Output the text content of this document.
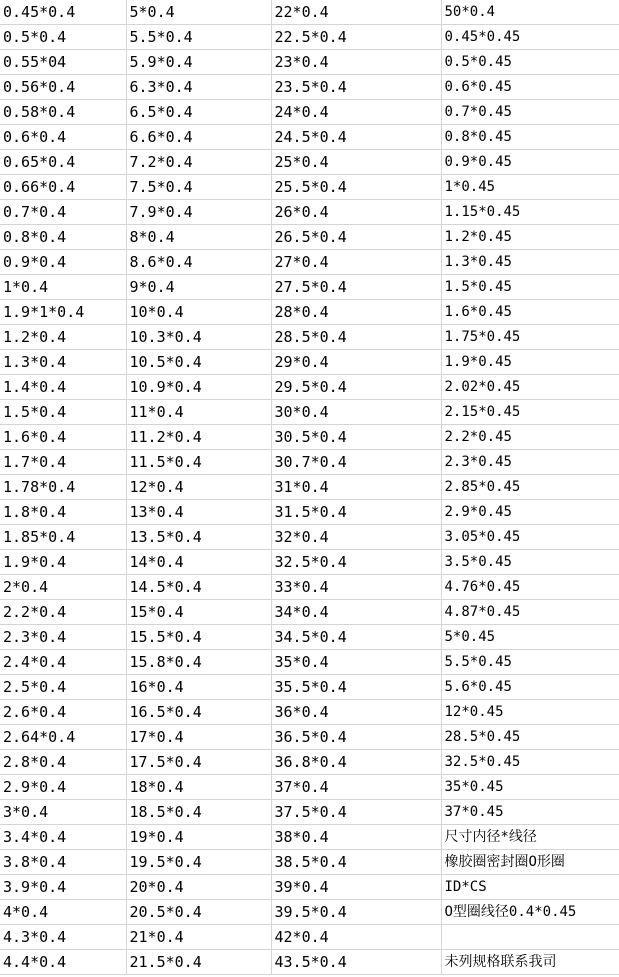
0.45*0.4	5*0.4	22*0.4	50*0.4
0.5*0.4	5.5*0.4	22.5*0.4	0.45*0.45
0.55*04	5.9*0.4	23*0.4	0.5*0.45
0.56*0.4	6.3*0.4	23.5*0.4	0.6*0.45
0.58*0.4	6.5*0.4	24*0.4	0.7*0.45
0.6*0.4	6.6*0.4	24.5*0.4	0.8*0.45
0.65*0.4	7.2*0.4	25*0.4	0.9*0.45
0.66*0.4	7.5*0.4	25.5*0.4	1*0.45
0.7*0.4	7.9*0.4	26*0.4	1.15*0.45
0.8*0.4	8*0.4	26.5*0.4	1.2*0.45
0.9*0.4	8.6*0.4	27*0.4	1.3*0.45
1*0.4	9*0.4	27.5*0.4	1.5*0.45
1.9*1*0.4	10*0.4	28*0.4	1.6*0.45
1.2*0.4	10.3*0.4	28.5*0.4	1.75*0.45
1.3*0.4	10.5*0.4	29*0.4	1.9*0.45
1.4*0.4	10.9*0.4	29.5*0.4	2.02*0.45
1.5*0.4	11*0.4	30*0.4	2.15*0.45
1.6*0.4	11.2*0.4	30.5*0.4	2.2*0.45
1.7*0.4	11.5*0.4	30.7*0.4	2.3*0.45
1.78*0.4	12*0.4	31*0.4	2.85*0.45
1.8*0.4	13*0.4	31.5*0.4	2.9*0.45
1.85*0.4	13.5*0.4	32*0.4	3.05*0.45
1.9*0.4	14*0.4	32.5*0.4	3.5*0.45
2*0.4	14.5*0.4	33*0.4	4.76*0.45
2.2*0.4	15*0.4	34*0.4	4.87*0.45
2.3*0.4	15.5*0.4	34.5*0.4	5*0.45
2.4*0.4	15.8*0.4	35*0.4	5.5*0.45
2.5*0.4	16*0.4	35.5*0.4	5.6*0.45
2.6*0.4	16.5*0.4	36*0.4	12*0.45
2.64*0.4	17*0.4	36.5*0.4	28.5*0.45
2.8*0.4	17.5*0.4	36.8*0.4	32.5*0.45
2.9*0.4	18*0.4	37*0.4	35*0.45
3*0.4	18.5*0.4	37.5*0.4	37*0.45
3.4*0.4	19*0.4	38*0.4	尺寸内径*线径
3.8*0.4	19.5*0.4	38.5*0.4	橡胶圈密封圈O形圈
3.9*0.4	20*0.4	39*0.4	ID*CS
4*0.4	20.5*0.4	39.5*0.4	O型圈线径0.4*0.45
4.3*0.4	21*0.4	42*0.4	
4.4*0.4	21.5*0.4	43.5*0.4	未列规格联系我司
